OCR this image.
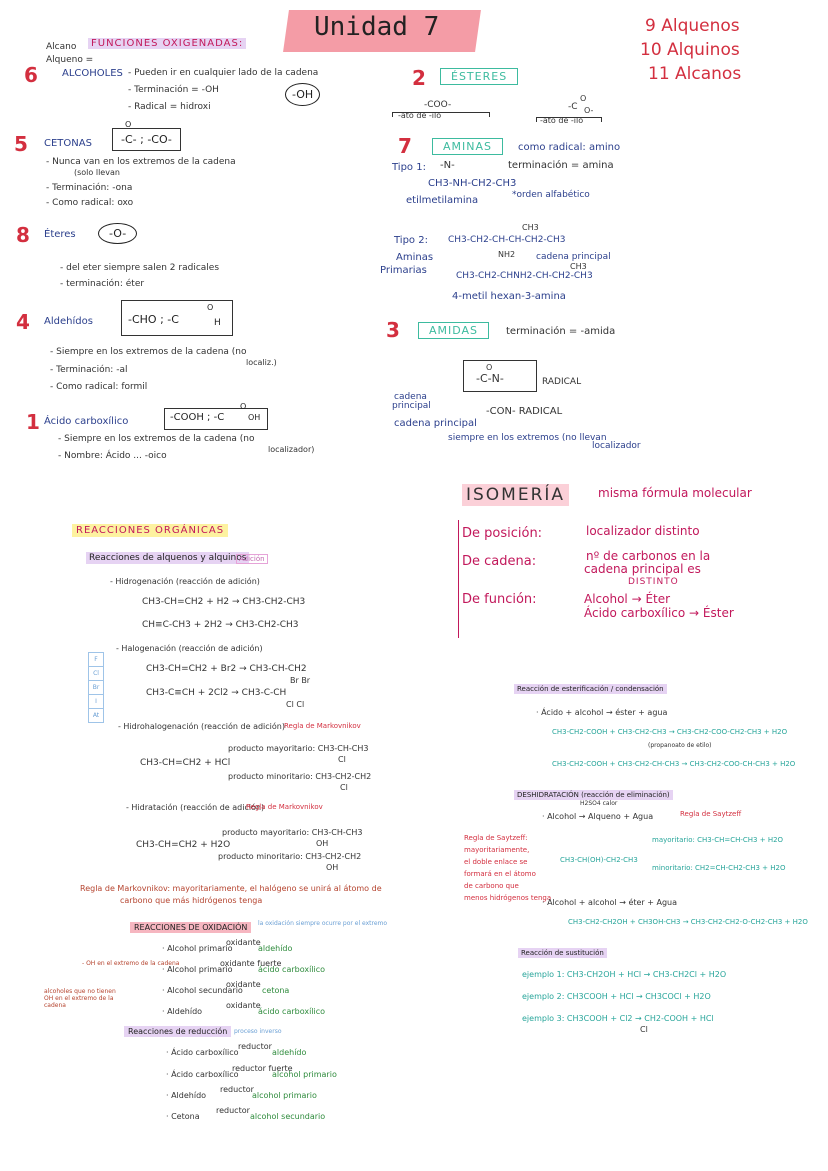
Unidad 7	9 Alquenos
10 Alquinos
11 Alcanos
Alcano
Alqueno =
FUNCIONES OXIGENADAS:
6 ALCOHOLES - Pueden ir en cualquier lado de la cadena
- Terminación = -OH
- Radical = hidroxi
-OH
5 CETONAS
O
-C- ; -CO-
- Nunca van en los extremos de la cadena
(solo llevan
- Terminación: -ona
- Como radical: oxo
8 Éteres	-O-
- del eter siempre salen 2 radicales
- terminación: éter
4 Aldehídos
O
-CHO ; -C	H
- Siempre en los extremos de la cadena (no
localiz.)
- Terminación: -al
- Como radical: formil
1 Ácido carboxílico
O
-COOH ; -C	OH
- Siempre en los extremos de la cadena (no
localizador)
- Nombre: Ácido ... -oico
2	ÉSTERES
-COO-
-ato de -ilo
O
-C O-
-ato de -ilo
7	AMINAS	como radical: amino
Tipo 1: -N-	terminación = amina
CH3-NH-CH2-CH3
etilmetilamina	*orden alfabético
Tipo 2:
CH3
CH3-CH2-CH-CH-CH2-CH3
NH2 cadena principal
Aminas
Primarias	CH3
CH3-CH2-CHNH2-CH-CH2-CH3
4-metil hexan-3-amina
3	AMIDAS	terminación = -amida
O
-C-N-	RADICAL
cadena
principal	-CON- RADICAL
cadena principal
siempre en los extremos (no llevan
localizador
ISOMERÍA	misma fórmula molecular
De posición:	localizador distinto
De cadena:	nº de carbonos en la
cadena principal es
DISTINTO
De función:	Alcohol → Éter
Ácido carboxílico → Éster
REACCIONES ORGÁNICAS
Reacciones de alquenos y alquinos
Adición
- Hidrogenación (reacción de adición)
CH3-CH=CH2 + H2 → CH3-CH2-CH3
CH≡C-CH3 + 2H2 → CH3-CH2-CH3
- Halogenación (reacción de adición)
CH3-CH=CH2 + Br2 → CH3-CH-CH2
Br Br
CH3-C≡CH + 2Cl2 → CH3-C-CH
Cl Cl
F
Cl
Br
I
At
- Hidrohalogenación (reacción de adición) Regla de Markovnikov
CH3-CH=CH2 + HCl
producto mayoritario: CH3-CH-CH3
Cl
producto minoritario: CH3-CH2-CH2
Cl
- Hidratación (reacción de adición)
Regla de Markovnikov
CH3-CH=CH2 + H2O
producto mayoritario: CH3-CH-CH3
OH
producto minoritario: CH3-CH2-CH2
OH
Regla de Markovnikov: mayoritariamente, el halógeno se unirá al átomo de
carbono que más hidrógenos tenga
REACCIONES DE OXIDACIÓN	la oxidación siempre ocurre por el extremo
- OH en el extremo de la cadena
alcoholes que no tienen OH en el extremo de la cadena
· Alcohol primario
oxidante
aldehído
· Alcohol primario
oxidante fuerte
ácido carboxílico
· Alcohol secundario
oxidante
cetona
· Aldehído
oxidante
ácido carboxílico
Reacciones de reducción	proceso inverso
· Ácido carboxílico
reductor
aldehído
· Ácido carboxílico
reductor fuerte
alcohol primario
· Aldehído
reductor
alcohol primario
· Cetona
reductor
alcohol secundario
Reacción de esterificación / condensación
· Ácido + alcohol → éster + agua
CH3-CH2-COOH + CH3-CH2-CH3 → CH3-CH2-COO-CH2-CH3 + H2O
(propanoato de etilo)
CH3-CH2-COOH + CH3-CH2-CH-CH3 → CH3-CH2-COO-CH-CH3 + H2O
DESHIDRATACIÓN (reacción de eliminación)
· Alcohol → Alqueno + Agua
H2SO4 calor
Regla de Saytzeff
Regla de Saytzeff:
mayoritariamente,
el doble enlace se
formará en el átomo
de carbono que
menos hidrógenos tenga
CH3-CH(OH)-CH2-CH3
mayoritario: CH3-CH=CH-CH3 + H2O
minoritario: CH2=CH-CH2-CH3 + H2O
· Alcohol + alcohol → éter + Agua
CH3-CH2-CH2OH + CH3OH-CH3 → CH3-CH2-CH2-O-CH2-CH3 + H2O
Reacción de sustitución
ejemplo 1: CH3-CH2OH + HCl → CH3-CH2Cl + H2O
ejemplo 2: CH3COOH + HCl → CH3COCl + H2O
ejemplo 3: CH3COOH + Cl2 → CH2-COOH + HCl
Cl
